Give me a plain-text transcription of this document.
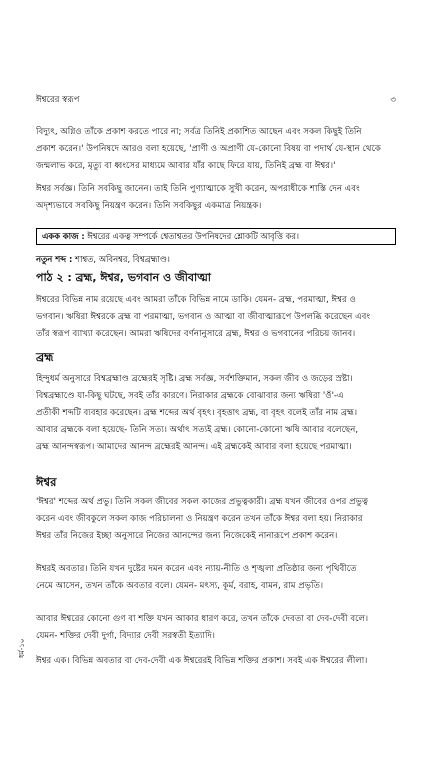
ঈশ্বরের স্বরূপ	৩
বিদ্যুৎ, অগ্নিও তাঁকে প্রকাশ করতে পারে না; সর্বত্র তিনিই প্রকাশিত আছেন এবং সকল কিছুই তিনি
প্রকাশ করেন।' উপনিষদে আরও বলা হয়েছে, 'প্রাণী ও অপ্রাণী যে-কোনো বিষয় বা পদার্থ যে-স্থান থেকে
জন্মলাভ করে, মৃত্যু বা ধ্বংসের মাধ্যমে আবার যাঁর কাছে ফিরে যায়, তিনিই ব্রহ্ম বা ঈশ্বর।'
ঈশ্বর সর্বজ্ঞ। তিনি সবকিছু জানেন। তাই তিনি পুণ্যাত্মাকে সুখী করেন, অপরাধীকে শাস্তি দেন এবং
অদৃশ্যভাবে সবকিছু নিয়ন্ত্রণ করেন। তিনি সবকিছুর একমাত্র নিয়ন্ত্রক।
একক কাজ : ঈশ্বরের একত্ব সম্পর্কে শ্বেতাশ্বতর উপনিষদের শ্লোকটি আবৃত্তি কর।
নতুন শব্দ : শাশ্বত, অবিনশ্বর, বিশ্বব্রহ্মাণ্ড।
পাঠ ২ : ব্রহ্ম, ঈশ্বর, ভগবান ও জীবাত্মা
ঈশ্বরের বিভিন্ন নাম রয়েছে এবং আমরা তাঁকে বিভিন্ন নামে ডাকি। যেমন- ব্রহ্ম, পরমাত্মা, ঈশ্বর ও
ভগবান। ঋষিরা ঈশ্বরকে ব্রহ্ম বা পরমাত্মা, ভগবান ও আত্মা বা জীবাত্মারূপে উপলব্ধি করেছেন এবং
তাঁর স্বরূপ ব্যাখ্যা করেছেন। আমরা ঋষিদের বর্ণনানুসারে ব্রহ্ম, ঈশ্বর ও ভগবানের পরিচয় জানব।
ব্রহ্ম
হিন্দুধর্ম অনুসারে বিশ্বব্রহ্মাণ্ড ব্রহ্মেরই সৃষ্টি। ব্রহ্ম সর্বজ্ঞ, সর্বশক্তিমান, সকল জীব ও জড়ের স্রষ্টা।
বিশ্বব্রহ্মাণ্ডে যা-কিছু ঘটছে, সবই তাঁর কারণে। নিরাকার ব্রহ্মকে বোঝাবার জন্য ঋষিরা 'ওঁ'-এ
প্রতীকী শব্দটি ব্যবহার করেছেন। ব্রহ্ম শব্দের অর্থ বৃহৎ। বৃহত্তাৎ ব্রহ্ম, বা বৃহৎ বলেই তাঁর নাম ব্রহ্ম।
আবার ব্রহ্মকে বলা হয়েছে- তিনি সত্য। অর্থাৎ সত্যই ব্রহ্ম। কোনো-কোনো ঋষি আবার বলেছেন,
ব্রহ্ম আনন্দস্বরূপ। আমাদের আনন্দ ব্রহ্মেরই আনন্দ। এই ব্রহ্মকেই আবার বলা হয়েছে পরমাত্মা।
ঈশ্বর
'ঈশ্বর' শব্দের অর্থ প্রভু। তিনি সকল জীবের সকল কাজের প্রভুত্বকারী। ব্রহ্ম যখন জীবের ওপর প্রভুত্ব
করেন এবং জীবকুলে সকল কাজ পরিচালনা ও নিয়ন্ত্রণ করেন তখন তাঁকে ঈশ্বর বলা হয়। নিরাকার
ঈশ্বর তাঁর নিজের ইচ্ছা অনুসারে নিজের আনন্দের জন্য নিজেকেই নানারূপে প্রকাশ করেন।
ঈশ্বরই অবতার। তিনি যখন দুষ্টের দমন করেন এবং ন্যায়-নীতি ও শৃঙ্খলা প্রতিষ্ঠার জন্য পৃথিবীতে
নেমে আসেন, তখন তাঁকে অবতার বলে। যেমন- মৎস্য, কূর্ম, বরাহ, বামন, রাম প্রভৃতি।
আবার ঈশ্বরের কোনো গুণ বা শক্তি যখন আকার ধারণ করে, তখন তাঁকে দেবতা বা দেব-দেবী বলে।
যেমন- শক্তির দেবী দুর্গা, বিদ্যার দেবী সরস্বতী ইত্যাদি।
ঈশ্বর এক। বিভিন্ন অবতার বা দেব-দেবী এক ঈশ্বরেরই বিভিন্ন শক্তির প্রকাশ। সবই এক ঈশ্বরের লীলা।
ধর্ম-১০
